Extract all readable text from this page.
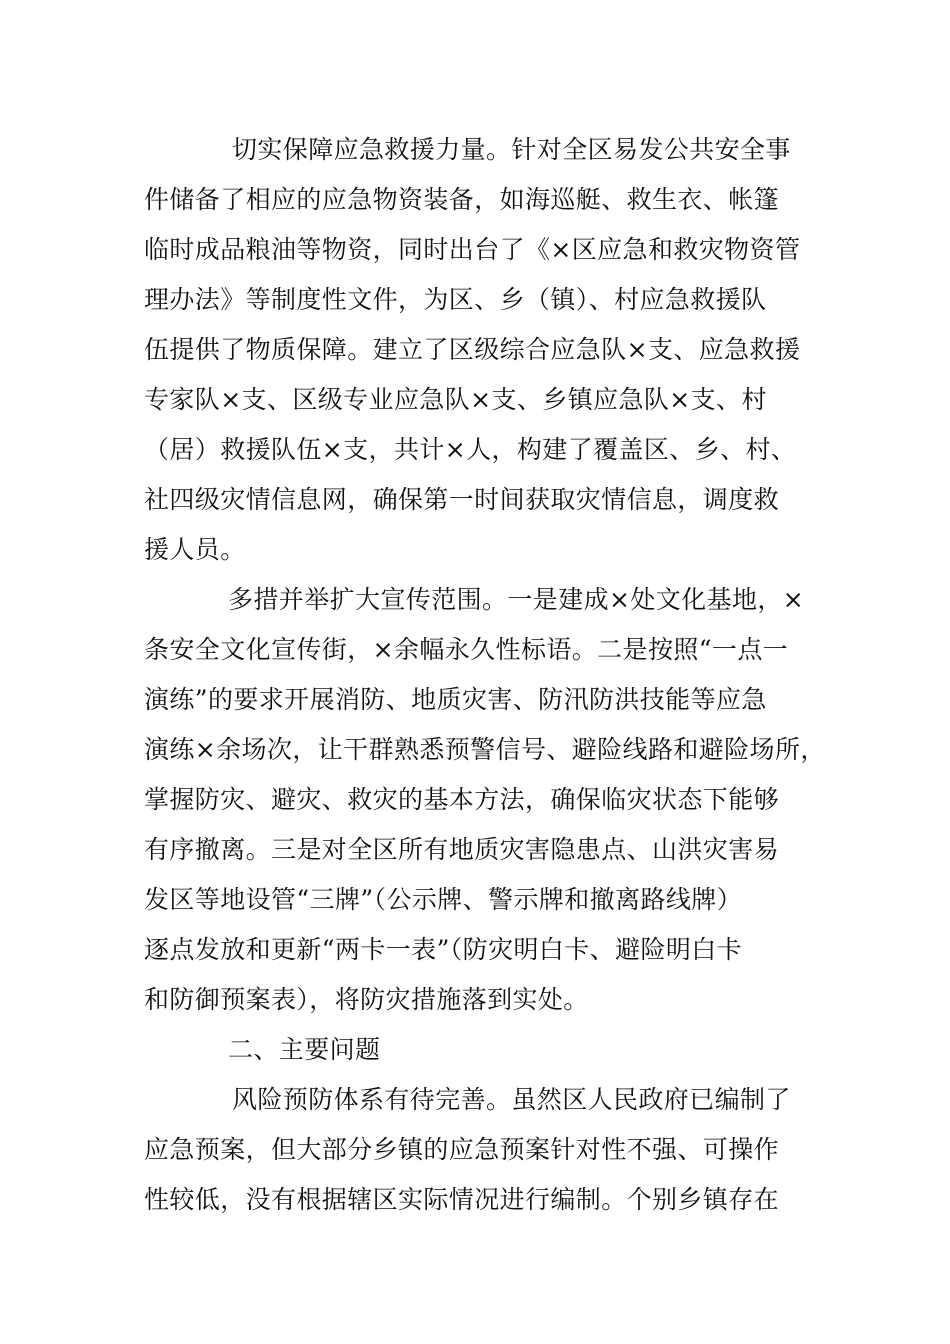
切实保障应急救援力量。针对全区易发公共安全事
件储备了相应的应急物资装备，如海巡艇、救生衣、帐篷
临时成品粮油等物资，同时出台了《×区应急和救灾物资管
理办法》等制度性文件，为区、乡（镇）、村应急救援队
伍提供了物质保障。建立了区级综合应急队×支、应急救援
专家队×支、区级专业应急队×支、乡镇应急队×支、村
（居）救援队伍×支，共计×人，构建了覆盖区、乡、村、
社四级灾情信息网，确保第一时间获取灾情信息，调度救
援人员。
多措并举扩大宣传范围。一是建成×处文化基地，×
条安全文化宣传街，×余幅永久性标语。二是按照“一点一
演练”的要求开展消防、地质灾害、防汛防洪技能等应急
演练×余场次，让干群熟悉预警信号、避险线路和避险场所，
掌握防灾、避灾、救灾的基本方法，确保临灾状态下能够
有序撤离。三是对全区所有地质灾害隐患点、山洪灾害易
发区等地设管“三牌”（公示牌、警示牌和撤离路线牌）
逐点发放和更新“两卡一表”（防灾明白卡、避险明白卡
和防御预案表），将防灾措施落到实处。
二、主要问题
风险预防体系有待完善。虽然区人民政府已编制了
应急预案，但大部分乡镇的应急预案针对性不强、可操作
性较低，没有根据辖区实际情况进行编制。个别乡镇存在
